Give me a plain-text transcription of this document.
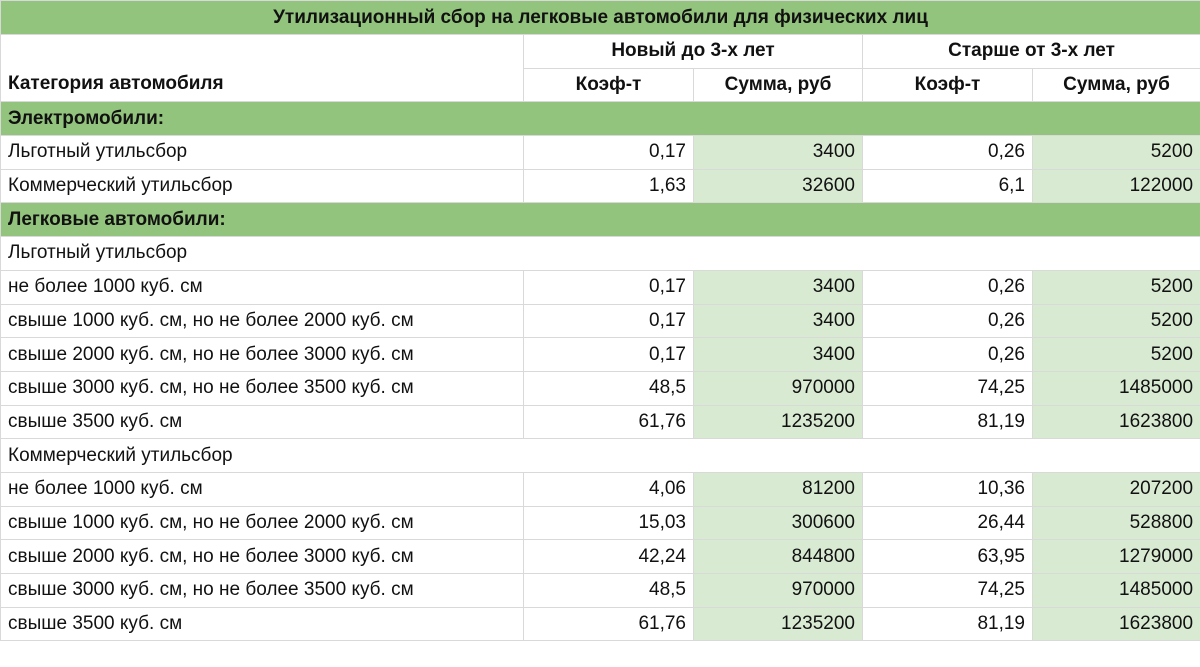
Утилизационный сбор на легковые автомобили для физических лиц				
Категория автомобиля	Новый до 3-х лет		Старше от 3-х лет	
	Коэф-т	Сумма, руб	Коэф-т	Сумма, руб
Электромобили:				
Льготный утильсбор	0,17	3400	0,26	5200
Коммерческий утильсбор	1,63	32600	6,1	122000
Легковые автомобили:				
Льготный утильсбор				
не более 1000 куб. см	0,17	3400	0,26	5200
свыше 1000 куб. см, но не более 2000 куб. см	0,17	3400	0,26	5200
свыше 2000 куб. см, но не более 3000 куб. см	0,17	3400	0,26	5200
свыше 3000 куб. см, но не более 3500 куб. см	48,5	970000	74,25	1485000
свыше 3500 куб. см	61,76	1235200	81,19	1623800
Коммерческий утильсбор				
не более 1000 куб. см	4,06	81200	10,36	207200
свыше 1000 куб. см, но не более 2000 куб. см	15,03	300600	26,44	528800
свыше 2000 куб. см, но не более 3000 куб. см	42,24	844800	63,95	1279000
свыше 3000 куб. см, но не более 3500 куб. см	48,5	970000	74,25	1485000
свыше 3500 куб. см	61,76	1235200	81,19	1623800
